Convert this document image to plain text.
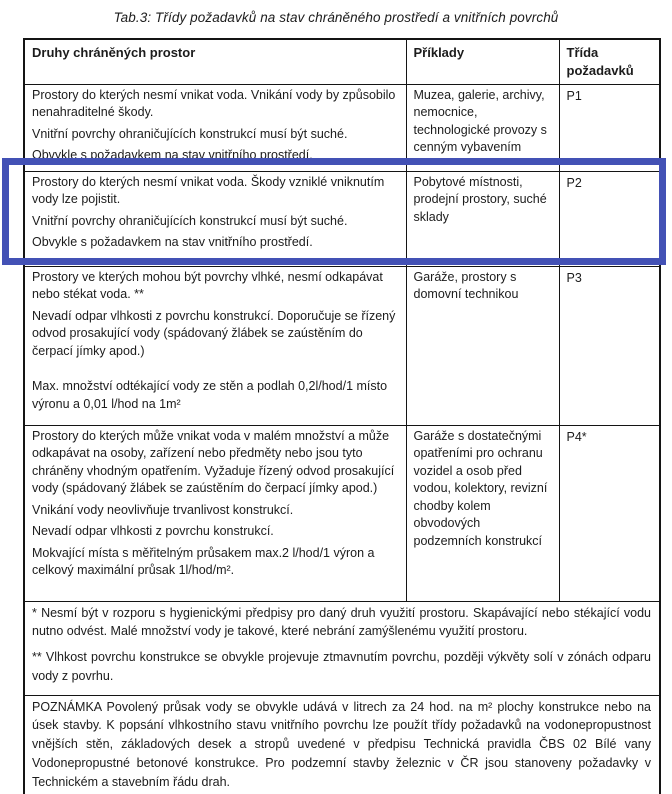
Tab.3: Třídy požadavků na stav chráněného prostředí a vnitřních povrchů
Druhy chráněných prostor	Příklady	Třída požadavků

Prostory do kterých nesmí vnikat voda. Vnikání vody by způsobilo nenahraditelné škody.

Vnitřní povrchy ohraničujících konstrukcí musí být suché.

Obvykle s požadavkem na stav vnitřního prostředí.	Muzea, galerie, archivy, nemocnice, technologické provozy s cenným vybavením	P1

Prostory do kterých nesmí vnikat voda. Škody vzniklé vniknutím vody lze pojistit.

Vnitřní povrchy ohraničujících konstrukcí musí být suché.

Obvykle s požadavkem na stav vnitřního prostředí.	Pobytové místnosti, prodejní prostory, suché sklady	P2

Prostory ve kterých mohou být povrchy vlhké, nesmí odkapávat nebo stékat voda. **

Nevadí odpar vlhkosti z povrchu konstrukcí. Doporučuje se řízený odvod prosakující vody (spádovaný žlábek se zaústěním do čerpací jímky apod.)

Max. množství odtékající vody ze stěn a podlah 0,2l/hod/1 místo výronu a 0,01 l/hod na 1m²	Garáže, prostory s domovní technikou	P3

Prostory do kterých může vnikat voda v malém množství a může odkapávat na osoby, zařízení nebo předměty nebo jsou tyto chráněny vhodným opatřením. Vyžaduje řízený odvod prosakující vody (spádovaný žlábek se zaústěním do čerpací jímky apod.)

Vnikání vody neovlivňuje trvanlivost konstrukcí.

Nevadí odpar vlhkosti z povrchu konstrukcí.

Mokvající místa s měřitelným průsakem max.2 l/hod/1 výron a celkový maximální průsak 1l/hod/m².	Garáže s dostatečnými opatřeními pro ochranu vozidel a osob před vodou, kolektory, revizní chodby kolem obvodových podzemních konstrukcí	P4*

* Nesmí být v rozporu s hygienickými předpisy pro daný druh využití prostoru. Skapávající nebo stékající vodu nutno odvést. Malé množství vody je takové, které nebrání zamýšlenému využití prostoru.

** Vlhkost povrchu konstrukce se obvykle projevuje ztmavnutím povrchu, později výkvěty solí v zónách odparu vody z povrhu.		

POZNÁMKA Povolený průsak vody se obvykle udává v litrech za 24 hod. na m² plochy konstrukce nebo na úsek stavby. K popsání vlhkostního stavu vnitřního povrchu lze použít třídy požadavků na vodonepropustnost vnějších stěn, základových desek a stropů uvedené v předpisu Technická pravidla ČBS 02 Bílé vany Vodonepropustné betonové konstrukce. Pro podzemní stavby železnic v ČR jsou stanoveny požadavky v Technickém a stavebním řádu drah.		
